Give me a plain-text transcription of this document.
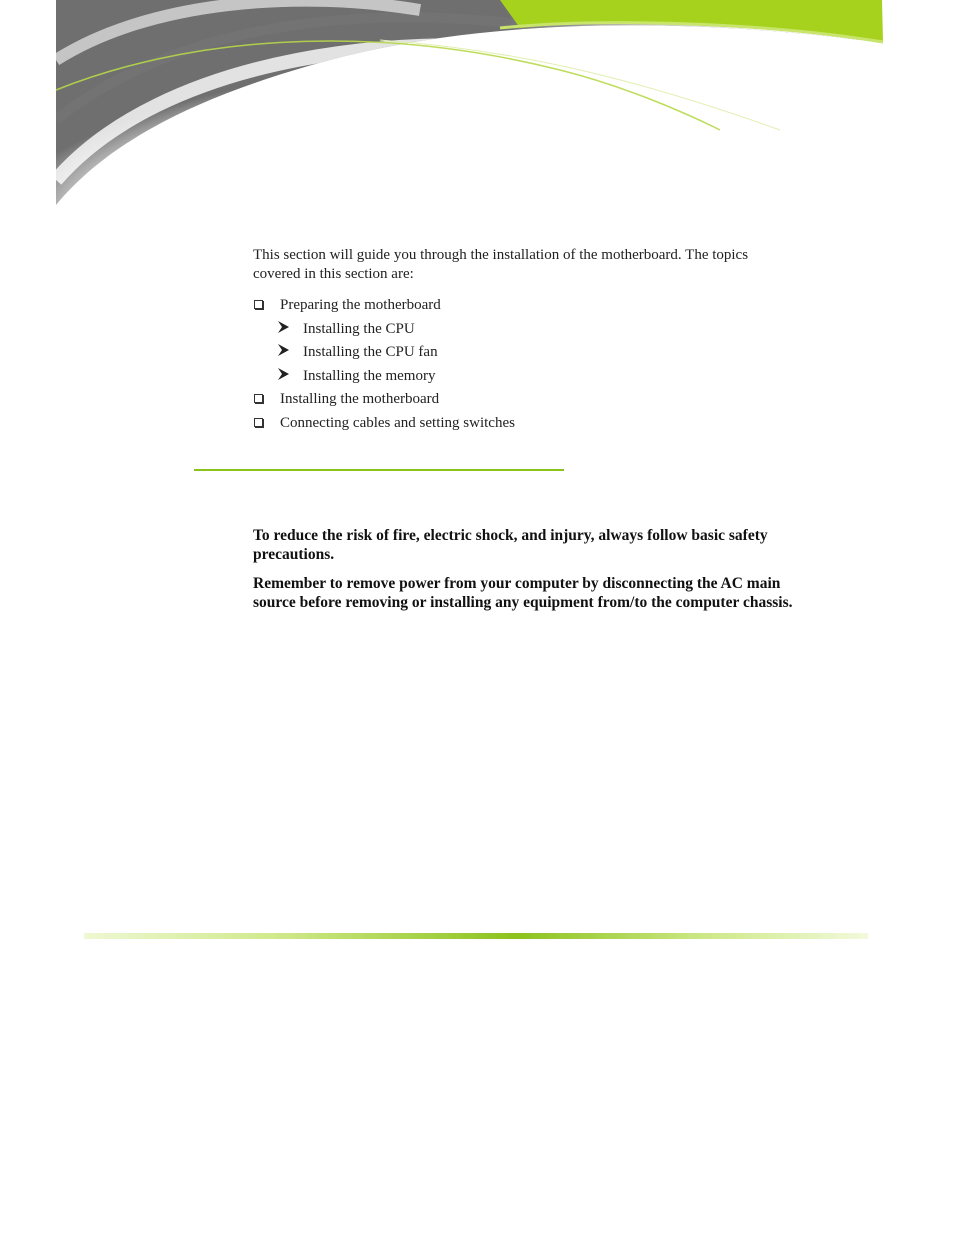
This section will guide you through the installation of the motherboard. The topics covered in this section are:

Preparing the motherboard
Installing the CPU
Installing the CPU fan
Installing the memory
Installing the motherboard
Connecting cables and setting switches

To reduce the risk of fire, electric shock, and injury, always follow basic safety precautions.

Remember to remove power from your computer by disconnecting the AC main source before removing or installing any equipment from/to the computer chassis.
